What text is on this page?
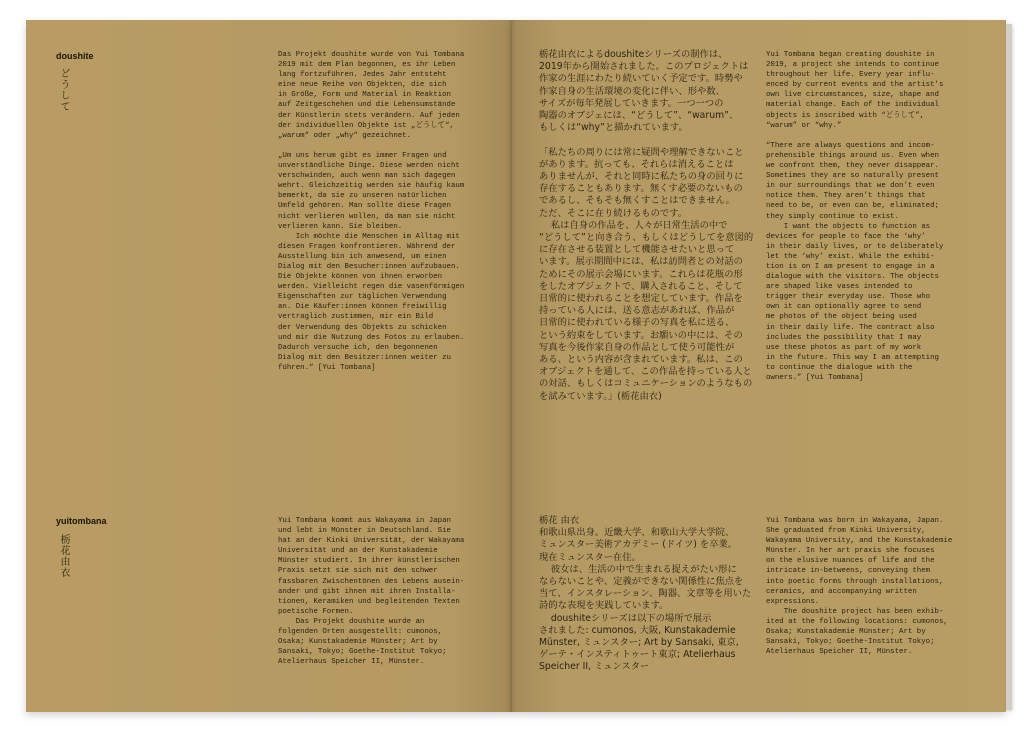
doushite
どうして
Das Projekt doushite wurde von Yui Tombana
2019 mit dem Plan begonnen, es ihr Leben
lang fortzuführen. Jedes Jahr entsteht
eine neue Reihe von Objekten, die sich
in Größe, Form und Material in Reaktion
auf Zeitgeschehen und die Lebensumstände
der Künstlerin stets verändern. Auf jeden
der individuellen Objekte ist „どうして“,
„warum“ oder „why“ gezeichnet.

„Um uns herum gibt es immer Fragen und
unverständliche Dinge. Diese werden nicht
verschwinden, auch wenn man sich dagegen
wehrt. Gleichzeitig werden sie häufig kaum
bemerkt, da sie zu unseren natürlichen
Umfeld gehören. Man sollte diese Fragen
nicht verlieren wollen, da man sie nicht
verlieren kann. Sie bleiben.
Ich möchte die Menschen im Alltag mit
diesen Fragen konfrontieren. Während der
Ausstellung bin ich anwesend, um einen
Dialog mit den Besucher:innen aufzubauen.
Die Objekte können von ihnen erworben
werden. Vielleicht regen die vasenförmigen
Eigenschaften zur täglichen Verwendung
an. Die Käufer:innen können freiwillig
vertraglich zustimmen, mir ein Bild
der Verwendung des Objekts zu schicken
und mir die Nutzung des Fotos zu erlauben.
Dadurch versuche ich, den begonnenen
Dialog mit den Besitzer:innen weiter zu
führen.“ [Yui Tombana]
栃花由衣によるdoushiteシリーズの制作は、
2019年から開始されました。このプロジェクトは
作家の生涯にわたり続いていく予定です。時勢や
作家自身の生活環境の変化に伴い、形や数、
サイズが毎年発展していきます。一つ一つの
陶器のオブジェには、“どうして”、“warum”、
もしくは“why”と描かれています。

「私たちの周りには常に疑問や理解できないこと
があります。抗っても、それらは消えることは
ありませんが、それと同時に私たちの身の回りに
存在することもあります。無くす必要のないもの
であるし、そもそも無くすことはできません。
ただ、そこに在り続けるものです。
私は自身の作品を、人々が日常生活の中で
“どうして”と向き合う、もしくはどうしてを意図的
に存在させる装置として機能させたいと思って
います。展示期間中には、私は訪問者との対話の
ためにその展示会場にいます。これらは花瓶の形
をしたオブジェクトで、購入されること、そして
日常的に使われることを想定しています。作品を
持っている人には、送る意志があれば、作品が
日常的に使われている様子の写真を私に送る、
という約束をしています。お願いの中には、その
写真を今後作家自身の作品として使う可能性が
ある、という内容が含まれています。私は、この
オブジェクトを通して、この作品を持っている人と
の対話、もしくはコミュニケーションのようなもの
を試みています。」(栃花由衣)
Yui Tombana began creating doushite in
2019, a project she intends to continue
throughout her life. Every year influ-
enced by current events and the artist's
own live circumstances, size, shape and
material change. Each of the individual
objects is inscribed with “どうして”,
“warum” or “why.”

“There are always questions and incom-
prehensible things around us. Even when
we confront them, they never disappear.
Sometimes they are so naturally present
in our surroundings that we don’t even
notice them. They aren’t things that
need to be, or even can be, eliminated;
they simply continue to exist.
I want the objects to function as
devices for people to face the ‘why’
in their daily lives, or to deliberately
let the ‘why’ exist. While the exhibi-
tion is on I am present to engage in a
dialogue with the visitors. The objects
are shaped like vases intended to
trigger their everyday use. Those who
own it can optionally agree to send
me photos of the object being used
in their daily life. The contract also
includes the possibility that I may
use these photos as part of my work
in the future. This way I am attempting
to continue the dialogue with the
owners.” [Yui Tombana]
yuitombana
栃花由衣
Yui Tombana kommt aus Wakayama in Japan
und lebt in Münster in Deutschland. Sie
hat an der Kinki Universität, der Wakayama
Universität und an der Kunstakademie
Münster studiert. In ihrer künstlerischen
Praxis setzt sie sich mit den schwer
fassbaren Zwischentönen des Lebens ausein-
ander und gibt ihnen mit ihren Installa-
tionen, Keramiken und begleitenden Texten
poetische Formen.
Das Projekt doushite wurde an
folgenden Orten ausgestellt: cumonos,
Osaka; Kunstakademie Münster; Art by
Sansaki, Tokyo; Goethe-Institut Tokyo;
Atelierhaus Speicher II, Münster.
栃花 由衣
和歌山県出身。近畿大学、和歌山大学大学院、
ミュンスター美術アカデミー (ドイツ) を卒業。
現在ミュンスター在住。
彼女は、生活の中で生まれる捉えがたい形に
ならないことや、定義ができない関係性に焦点を
当て、インスタレーション、陶器、文章等を用いた
詩的な表現を実践しています。
doushiteシリーズは以下の場所で展示
されました: cumonos, 大阪, Kunstakademie
Münster, ミュンスター; Art by Sansaki, 東京,
ゲーテ・インスティトゥート東京; Atelierhaus
Speicher II, ミュンスター
Yui Tombana was born in Wakayama, Japan.
She graduated from Kinki University,
Wakayama University, and the Kunstakademie
Münster. In her art praxis she focuses
on the elusive nuances of life and the
intricate in-betweens, conveying them
into poetic forms through installations,
ceramics, and accompanying written
expressions.
The doushite project has been exhib-
ited at the following locations: cumonos,
Osaka; Kunstakademie Münster; Art by
Sansaki, Tokyo; Goethe-Institut Tokyo;
Atelierhaus Speicher II, Münster.
